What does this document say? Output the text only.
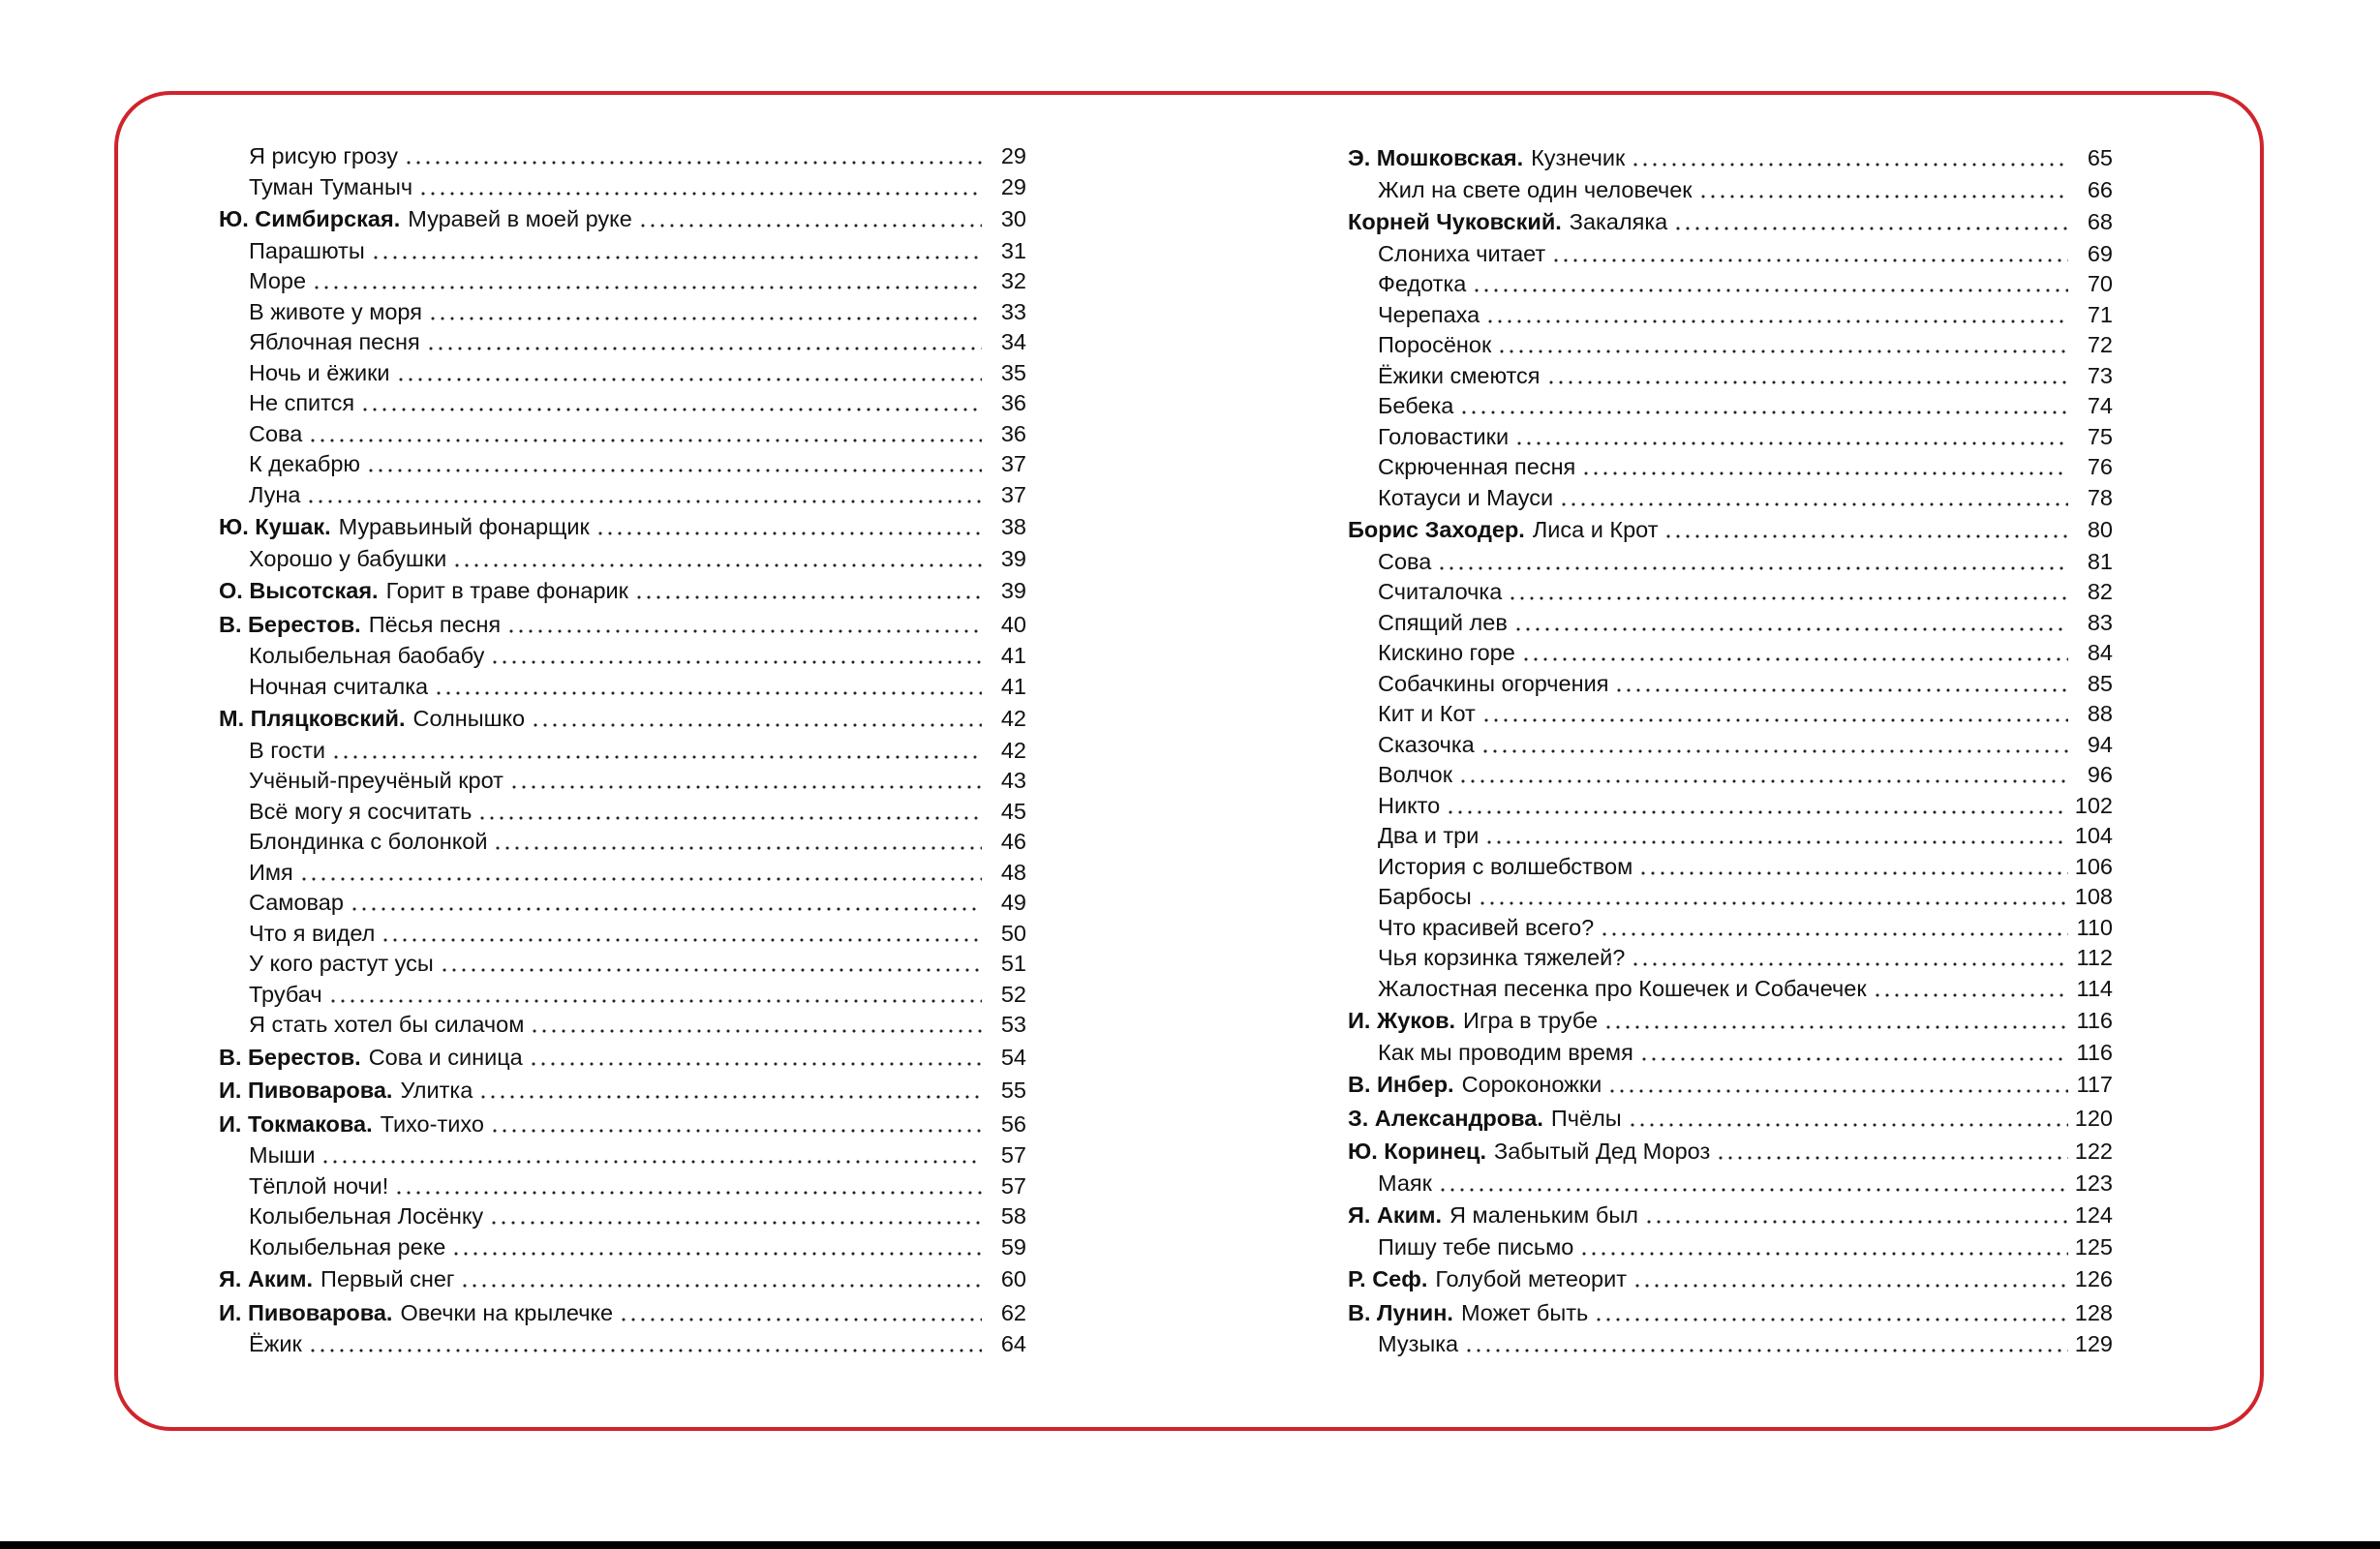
Я рисую грозу	29
Туман Туманыч	29
Ю. Симбирская. Муравей в моей руке	30
Парашюты	31
Море	32
В животе у моря	33
Яблочная песня	34
Ночь и ёжики	35
Не спится	36
Сова	36
К декабрю	37
Луна	37
Ю. Кушак. Муравьиный фонарщик	38
Хорошо у бабушки	39
О. Высотская. Горит в траве фонарик	39
В. Берестов. Пёсья песня	40
Колыбельная баобабу	41
Ночная считалка	41
М. Пляцковский. Солнышко	42
В гости	42
Учёный-преучёный крот	43
Всё могу я сосчитать	45
Блондинка с болонкой	46
Имя	48
Самовар	49
Что я видел	50
У кого растут усы	51
Трубач	52
Я стать хотел бы силачом	53
В. Берестов. Сова и синица	54
И. Пивоварова. Улитка	55
И. Токмакова. Тихо-тихо	56
Мыши	57
Тёплой ночи!	57
Колыбельная Лосёнку	58
Колыбельная реке	59
Я. Аким. Первый снег	60
И. Пивоварова. Овечки на крылечке	62
Ёжик	64
Э. Мошковская. Кузнечик	65
Жил на свете один человечек	66
Корней Чуковский. Закаляка	68
Слониха читает	69
Федотка	70
Черепаха	71
Поросёнок	72
Ёжики смеются	73
Бебека	74
Головастики	75
Скрюченная песня	76
Котауси и Мауси	78
Борис Заходер. Лиса и Крот	80
Сова	81
Считалочка	82
Спящий лев	83
Кискино горе	84
Собачкины огорчения	85
Кит и Кот	88
Сказочка	94
Волчок	96
Никто	102
Два и три	104
История с волшебством	106
Барбосы	108
Что красивей всего?	110
Чья корзинка тяжелей?	112
Жалостная песенка про Кошечек и Собачечек	114
И. Жуков. Игра в трубе	116
Как мы проводим время	116
В. Инбер. Сороконожки	117
З. Александрова. Пчёлы	120
Ю. Коринец. Забытый Дед Мороз	122
Маяк	123
Я. Аким. Я маленьким был	124
Пишу тебе письмо	125
Р. Сеф. Голубой метеорит	126
В. Лунин. Может быть	128
Музыка	129
